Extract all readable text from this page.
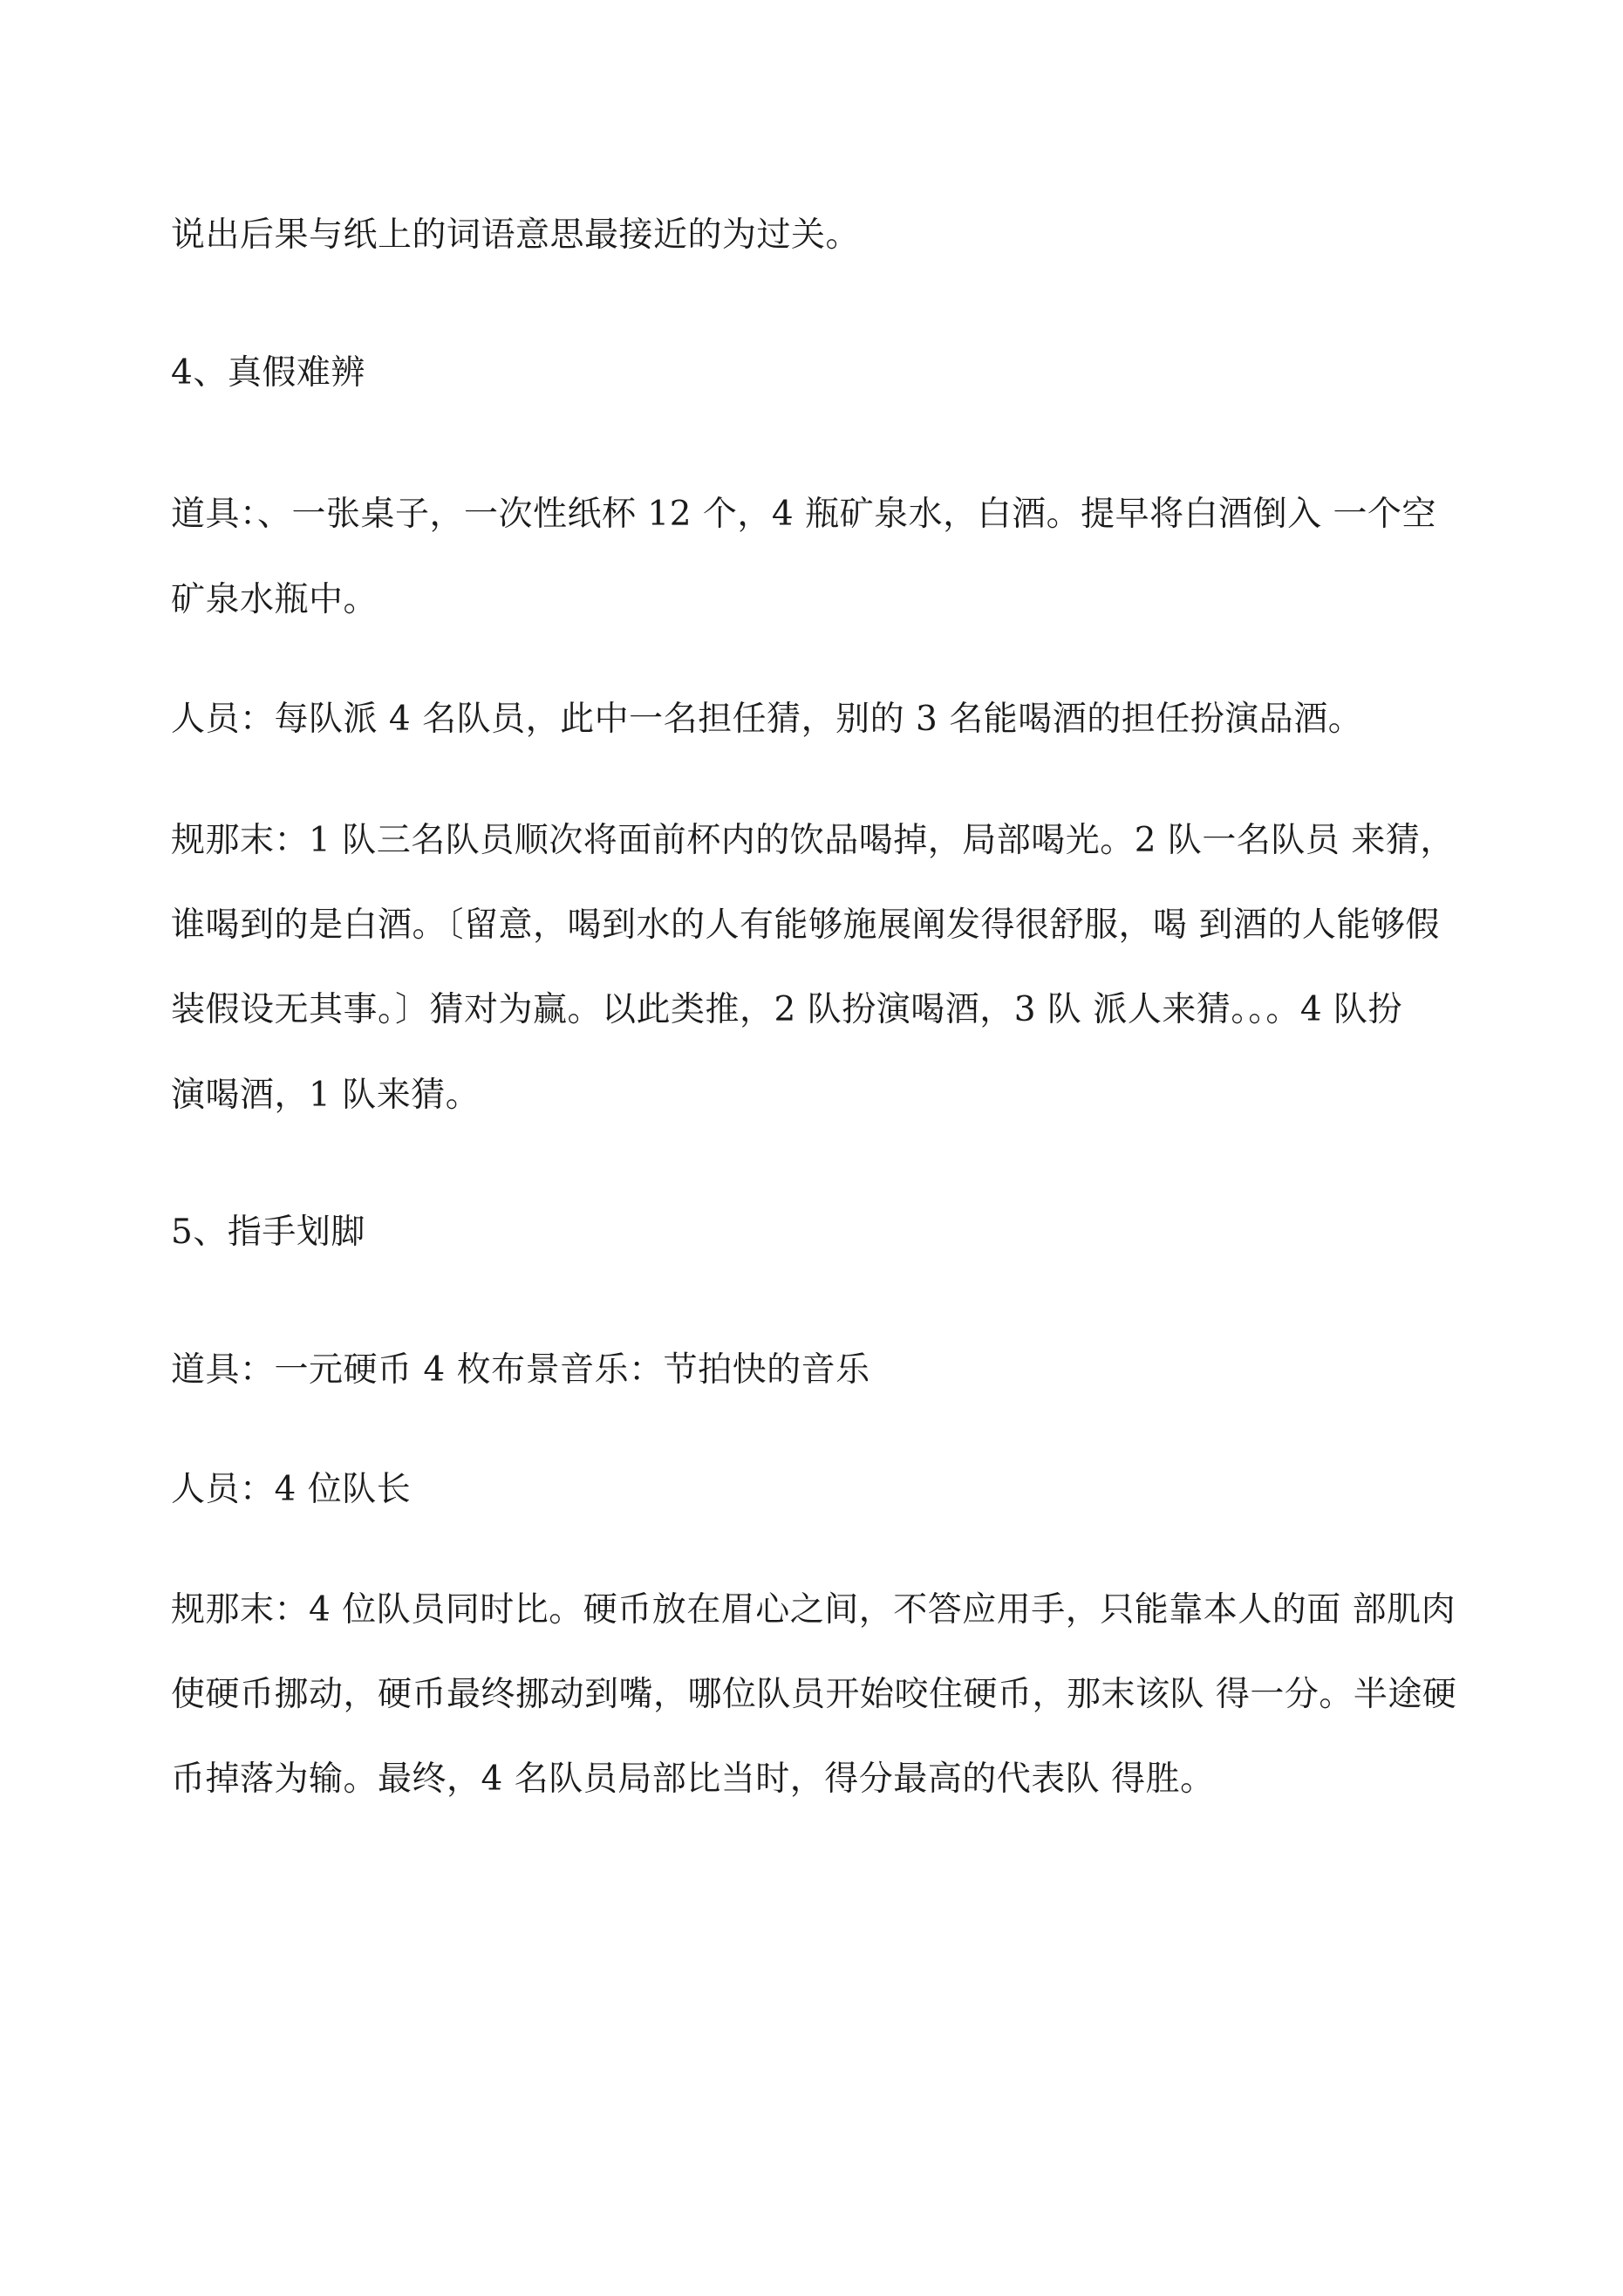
说出后果与纸上的词语意思最接近的为过关。

4、真假难辨

道具：、一张桌子，一次性纸杯 12 个，4 瓶矿泉水，白酒。提早将白酒倒入 一个空

矿泉水瓶中。

人员：每队派 4 名队员，此中一名担任猜，别的 3 名能喝酒的担任扮演品酒。

规那末：1 队三名队员顺次将面前杯内的饮品喝掉，局部喝光。2 队一名队员 来猜，

谁喝到的是白酒。〔留意，喝到水的人有能够施展阐发得很舒服，喝 到酒的人能够假

装假设无其事。〕猜对为赢。以此类推，2 队扮演喝酒，3 队 派人来猜。。。4 队扮

演喝酒，1 队来猜。

5、指手划脚

道具：一元硬币 4 枚布景音乐：节拍快的音乐

人员：4 位队长

规那末：4 位队员同时比。硬币放在眉心之间，不答应用手，只能靠本人的面 部肌肉

使硬币挪动，硬币最终挪动到嘴，哪位队员开始咬住硬币，那末该队 得一分。半途硬

币掉落为输。最终，4 名队员局部比当时，得分最高的代表队 得胜。
